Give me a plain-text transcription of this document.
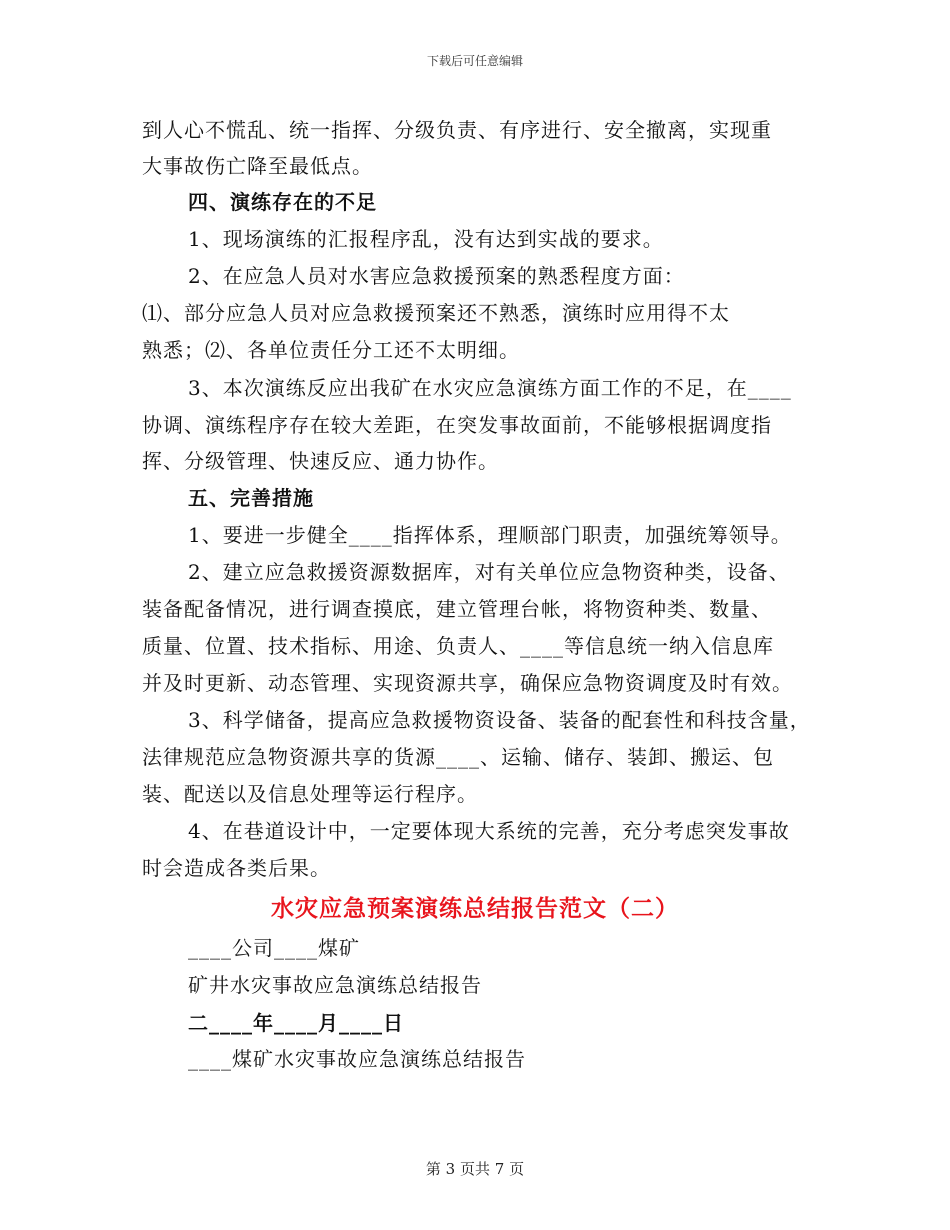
下载后可任意编辑
到人心不慌乱、统一指挥、分级负责、有序进行、安全撤离，实现重
大事故伤亡降至最低点。
四、演练存在的不足
1、现场演练的汇报程序乱，没有达到实战的要求。
2、在应急人员对水害应急救援预案的熟悉程度方面：
⑴、部分应急人员对应急救援预案还不熟悉，演练时应用得不太
熟悉；⑵、各单位责任分工还不太明细。
3、本次演练反应出我矿在水灾应急演练方面工作的不足，在____
协调、演练程序存在较大差距，在突发事故面前，不能够根据调度指
挥、分级管理、快速反应、通力协作。
五、完善措施
1、要进一步健全____指挥体系，理顺部门职责，加强统筹领导。
2、建立应急救援资源数据库，对有关单位应急物资种类，设备、
装备配备情况，进行调查摸底，建立管理台帐，将物资种类、数量、
质量、位置、技术指标、用途、负责人、____等信息统一纳入信息库
并及时更新、动态管理、实现资源共享，确保应急物资调度及时有效。
3、科学储备，提高应急救援物资设备、装备的配套性和科技含量，
法律规范应急物资源共享的货源____、运输、储存、装卸、搬运、包
装、配送以及信息处理等运行程序。
4、在巷道设计中，一定要体现大系统的完善，充分考虑突发事故
时会造成各类后果。
水灾应急预案演练总结报告范文（二）
____公司____煤矿
矿井水灾事故应急演练总结报告
二____年____月____日
____煤矿水灾事故应急演练总结报告
第 3 页共 7 页
